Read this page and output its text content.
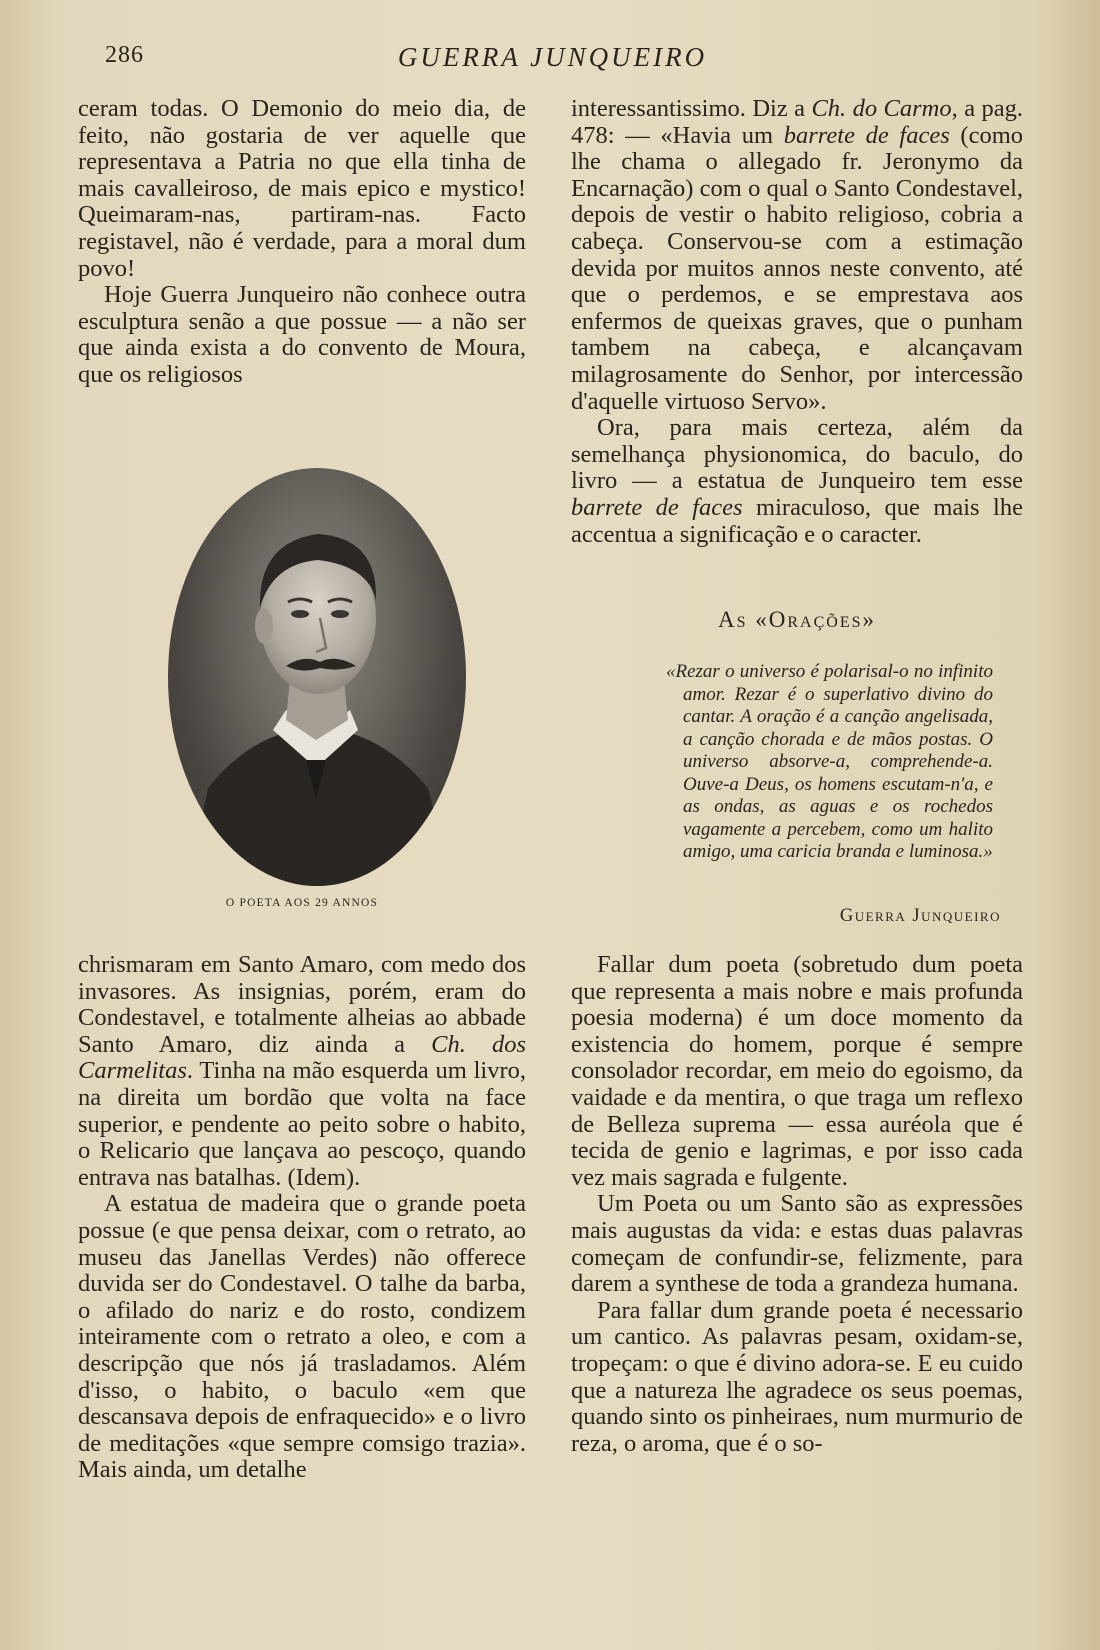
286	GUERRA JUNQUEIRO

ceram todas. O Demonio do meio dia, de feito, não gostaria de ver aquelle que representava a Patria no que ella tinha de mais cavalleiroso, de mais epico e mystico! Queimaram-nas, partiram-nas. Facto registavel, não é verdade, para a moral dum povo!

Hoje Guerra Junqueiro não conhece outra esculptura senão a que possue — a não ser que ainda exista a do convento de Moura, que os religiosos

O POETA AOS 29 ANNOS

chrismaram em Santo Amaro, com medo dos invasores. As insignias, porém, eram do Condestavel, e totalmente alheias ao abbade Santo Amaro, diz ainda a Ch. dos Carmelitas. Tinha na mão esquerda um livro, na direita um bordão que volta na face superior, e pendente ao peito sobre o habito, o Relicario que lançava ao pescoço, quando entrava nas batalhas. (Idem).

A estatua de madeira que o grande poeta possue (e que pensa deixar, com o retrato, ao museu das Janellas Verdes) não offerece duvida ser do Condestavel. O talhe da barba, o afilado do nariz e do rosto, condizem inteiramente com o retrato a oleo, e com a descripção que nós já trasladamos. Além d'isso, o habito, o baculo «em que descansava depois de enfraquecido» e o livro de meditações «que sempre comsigo trazia». Mais ainda, um detalhe

interessantissimo. Diz a Ch. do Carmo, a pag. 478: — «Havia um barrete de faces (como lhe chama o allegado fr. Jeronymo da Encarnação) com o qual o Santo Condestavel, depois de vestir o habito religioso, cobria a cabeça. Conservou-se com a estimação devida por muitos annos neste convento, até que o perdemos, e se emprestava aos enfermos de queixas graves, que o punham tambem na cabeça, e alcançavam milagrosamente do Senhor, por intercessão d'aquelle virtuoso Servo».

Ora, para mais certeza, além da semelhança physionomica, do baculo, do livro — a estatua de Junqueiro tem esse barrete de faces miraculoso, que mais lhe accentua a significação e o caracter.

As «Orações»

«Rezar o universo é polarisal-o no infinito amor. Rezar é o superlativo divino do cantar. A oração é a canção angelisada, a canção chorada e de mãos postas. O universo absorve-a, comprehende-a. Ouve-a Deus, os homens escutam-n'a, e as ondas, as aguas e os rochedos vagamente a percebem, como um halito amigo, uma caricia branda e luminosa.»

Guerra Junqueiro

Fallar dum poeta (sobretudo dum poeta que representa a mais nobre e mais profunda poesia moderna) é um doce momento da existencia do homem, porque é sempre consolador recordar, em meio do egoismo, da vaidade e da mentira, o que traga um reflexo de Belleza suprema — essa auréola que é tecida de genio e lagrimas, e por isso cada vez mais sagrada e fulgente.

Um Poeta ou um Santo são as expressões mais augustas da vida: e estas duas palavras começam de confundir-se, felizmente, para darem a synthese de toda a grandeza humana.

Para fallar dum grande poeta é necessario um cantico. As palavras pesam, oxidam-se, tropeçam: o que é divino adora-se. E eu cuido que a natureza lhe agradece os seus poemas, quando sinto os pinheiraes, num murmurio de reza, o aroma, que é o so-
